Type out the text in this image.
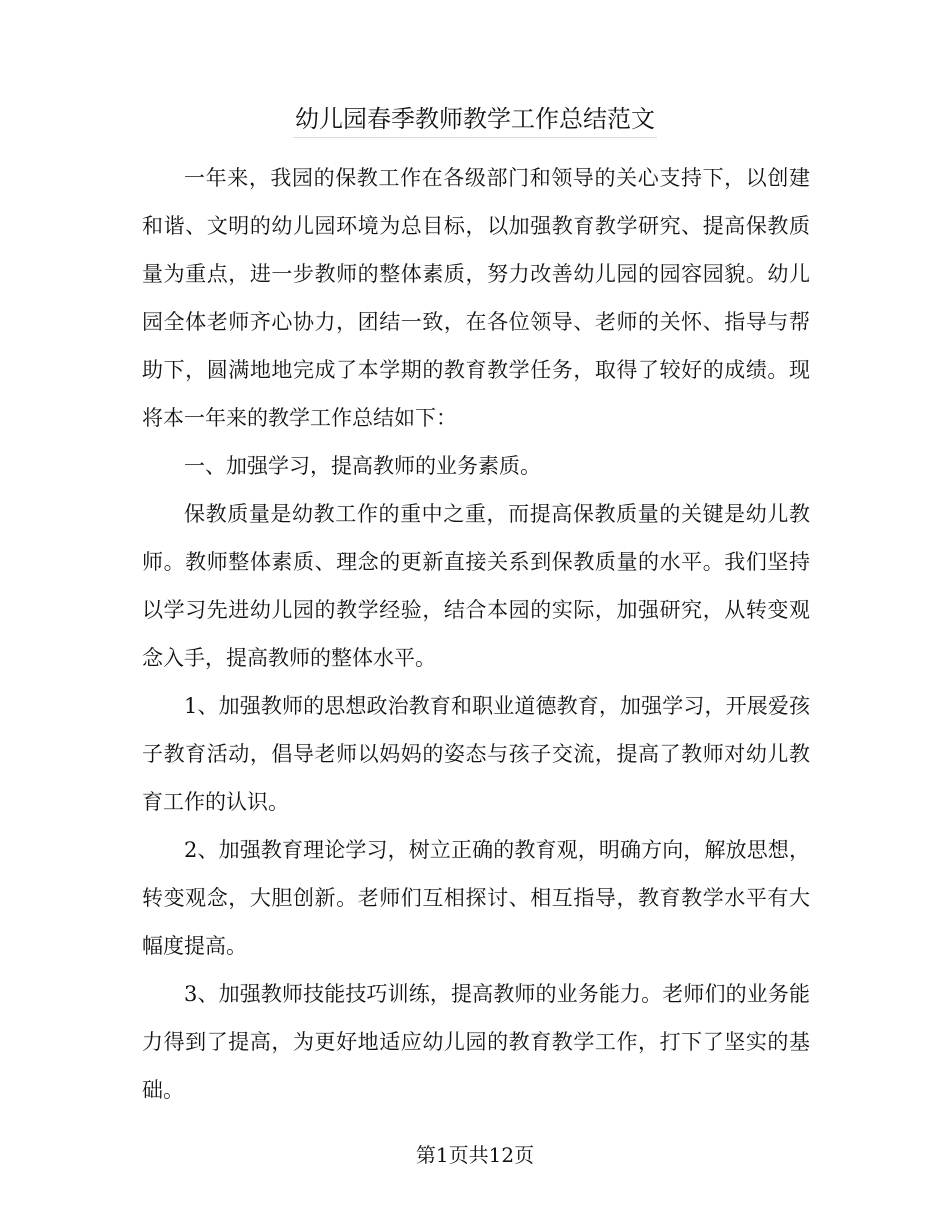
幼儿园春季教师教学工作总结范文

一年来，我园的保教工作在各级部门和领导的关心支持下，以创建和谐、文明的幼儿园环境为总目标，以加强教育教学研究、提高保教质量为重点，进一步教师的整体素质，努力改善幼儿园的园容园貌。幼儿园全体老师齐心协力，团结一致，在各位领导、老师的关怀、指导与帮助下，圆满地地完成了本学期的教育教学任务，取得了较好的成绩。现将本一年来的教学工作总结如下：

一、加强学习，提高教师的业务素质。

保教质量是幼教工作的重中之重，而提高保教质量的关键是幼儿教师。教师整体素质、理念的更新直接关系到保教质量的水平。我们坚持以学习先进幼儿园的教学经验，结合本园的实际，加强研究，从转变观念入手，提高教师的整体水平。

1、加强教师的思想政治教育和职业道德教育，加强学习，开展爱孩子教育活动，倡导老师以妈妈的姿态与孩子交流，提高了教师对幼儿教育工作的认识。

2、加强教育理论学习，树立正确的教育观，明确方向，解放思想，转变观念，大胆创新。老师们互相探讨、相互指导，教育教学水平有大幅度提高。

3、加强教师技能技巧训练，提高教师的业务能力。老师们的业务能力得到了提高，为更好地适应幼儿园的教育教学工作，打下了坚实的基础。

第1页共12页
